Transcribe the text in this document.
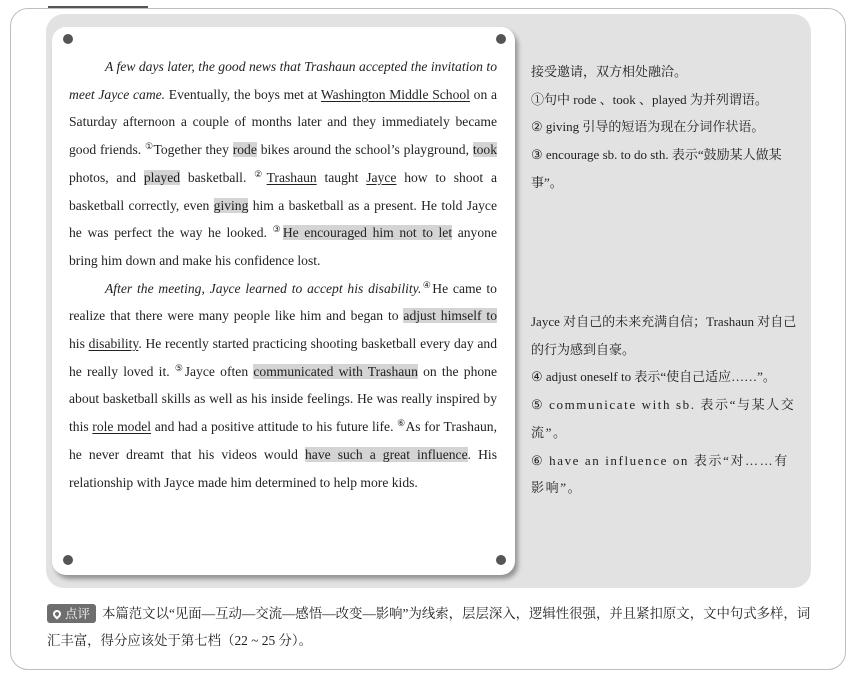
A few days later, the good news that Trashaun accepted the invitation to meet Jayce came. Eventually, the boys met at Washington Middle School on a Saturday afternoon a couple of months later and they immediately became good friends. ①Together they rode bikes around the school’s playground, took photos, and played basketball. ②Trashaun taught Jayce how to shoot a basketball correctly, even giving him a basketball as a present. He told Jayce he was perfect the way he looked. ③He encouraged him not to let anyone bring him down and make his confidence lost.

After the meeting, Jayce learned to accept his disability.④He came to realize that there were many people like him and began to adjust himself to his disability. He recently started practicing shooting basketball every day and he really loved it. ⑤Jayce often communicated with Trashaun on the phone about basketball skills as well as his inside feelings. He was really inspired by this role model and had a positive attitude to his future life. ⑥As for Trashaun, he never dreamt that his videos would have such a great influence. His relationship with Jayce made him determined to help more kids.

接受邀请，双方相处融洽。

①句中 rode 、took 、played 为并列谓语。

② giving 引导的短语为现在分词作状语。

③ encourage sb. to do sth. 表示“鼓励某人做某事”。

Jayce 对自己的未来充满自信；Trashaun 对自己的行为感到自豪。

④ adjust oneself to 表示“使自己适应……”。

⑤ communicate with sb. 表示“与某人交流”。

⑥ have an influence on 表示“对……有影响”。

点评 本篇范文以“见面—互动—交流—感悟—改变—影响”为线索，层层深入，逻辑性很强，并且紧扣原文，文中句式多样，词汇丰富，得分应该处于第七档（22 ~ 25 分）。
